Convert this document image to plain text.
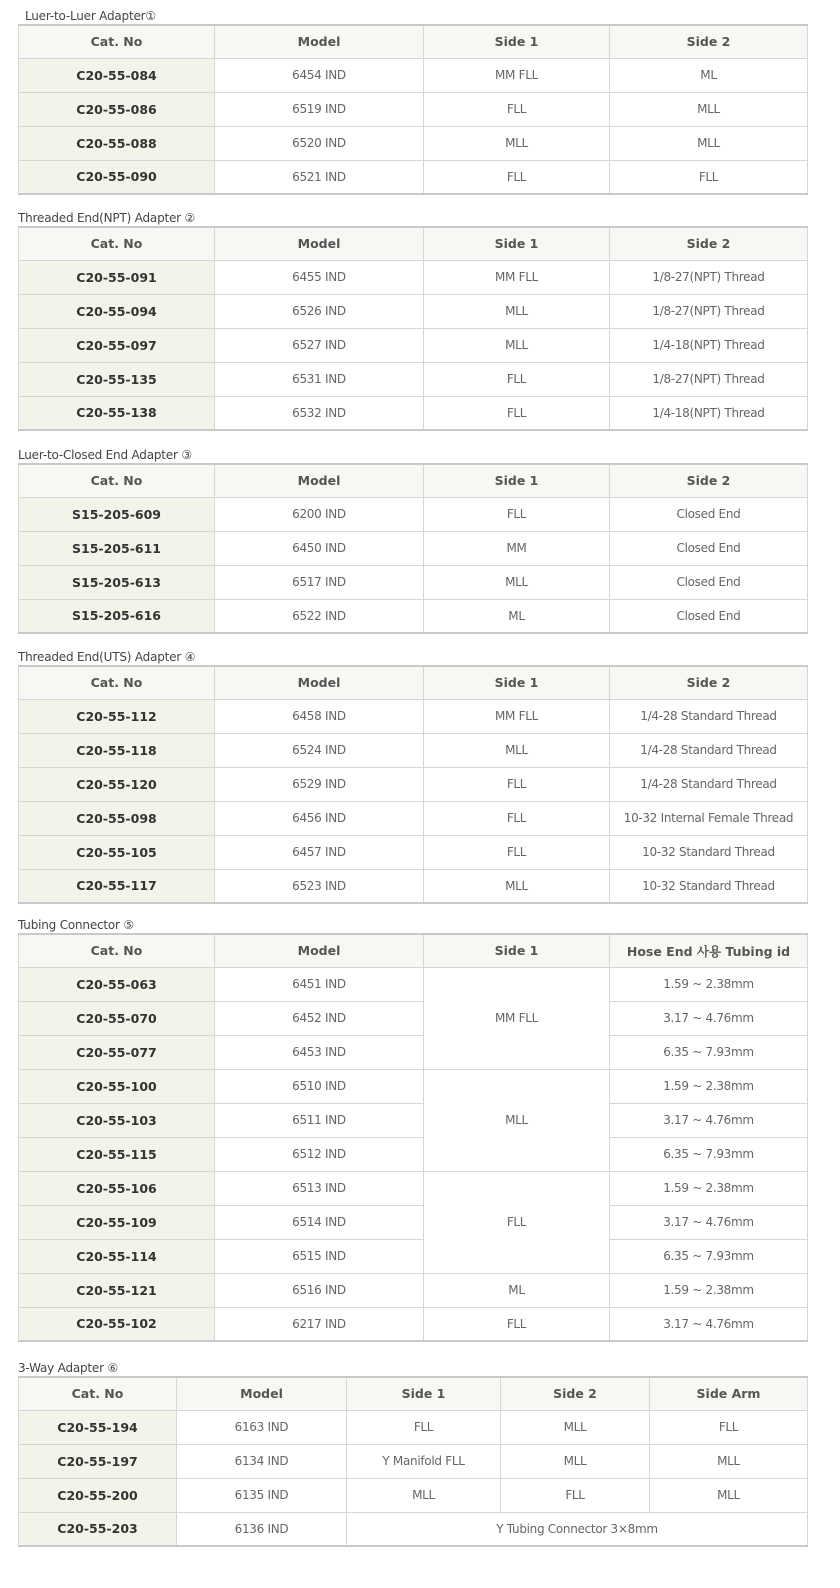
Luer-to-Luer Adapter①
Cat. No	Model	Side 1	Side 2
C20-55-084	6454 IND	MM FLL	ML
C20-55-086	6519 IND	FLL	MLL
C20-55-088	6520 IND	MLL	MLL
C20-55-090	6521 IND	FLL	FLL
Threaded End(NPT) Adapter ②
Cat. No	Model	Side 1	Side 2
C20-55-091	6455 IND	MM FLL	1/8-27(NPT) Thread
C20-55-094	6526 IND	MLL	1/8-27(NPT) Thread
C20-55-097	6527 IND	MLL	1/4-18(NPT) Thread
C20-55-135	6531 IND	FLL	1/8-27(NPT) Thread
C20-55-138	6532 IND	FLL	1/4-18(NPT) Thread
Luer-to-Closed End Adapter ③
Cat. No	Model	Side 1	Side 2
S15-205-609	6200 IND	FLL	Closed End
S15-205-611	6450 IND	MM	Closed End
S15-205-613	6517 IND	MLL	Closed End
S15-205-616	6522 IND	ML	Closed End
Threaded End(UTS) Adapter ④
Cat. No	Model	Side 1	Side 2
C20-55-112	6458 IND	MM FLL	1/4-28 Standard Thread
C20-55-118	6524 IND	MLL	1/4-28 Standard Thread
C20-55-120	6529 IND	FLL	1/4-28 Standard Thread
C20-55-098	6456 IND	FLL	10-32 Internal Female Thread
C20-55-105	6457 IND	FLL	10-32 Standard Thread
C20-55-117	6523 IND	MLL	10-32 Standard Thread
Tubing Connector ⑤
Cat. No	Model	Side 1	Hose End 사용 Tubing id
C20-55-063	6451 IND	MM FLL	1.59 ~ 2.38mm
C20-55-070	6452 IND		3.17 ~ 4.76mm
C20-55-077	6453 IND		6.35 ~ 7.93mm
C20-55-100	6510 IND	MLL	1.59 ~ 2.38mm
C20-55-103	6511 IND		3.17 ~ 4.76mm
C20-55-115	6512 IND		6.35 ~ 7.93mm
C20-55-106	6513 IND	FLL	1.59 ~ 2.38mm
C20-55-109	6514 IND		3.17 ~ 4.76mm
C20-55-114	6515 IND		6.35 ~ 7.93mm
C20-55-121	6516 IND	ML	1.59 ~ 2.38mm
C20-55-102	6217 IND	FLL	3.17 ~ 4.76mm
3-Way Adapter ⑥
Cat. No	Model	Side 1	Side 2	Side Arm
C20-55-194	6163 IND	FLL	MLL	FLL
C20-55-197	6134 IND	Y Manifold FLL	MLL	MLL
C20-55-200	6135 IND	MLL	FLL	MLL
C20-55-203	6136 IND	Y Tubing Connector 3×8mm		
